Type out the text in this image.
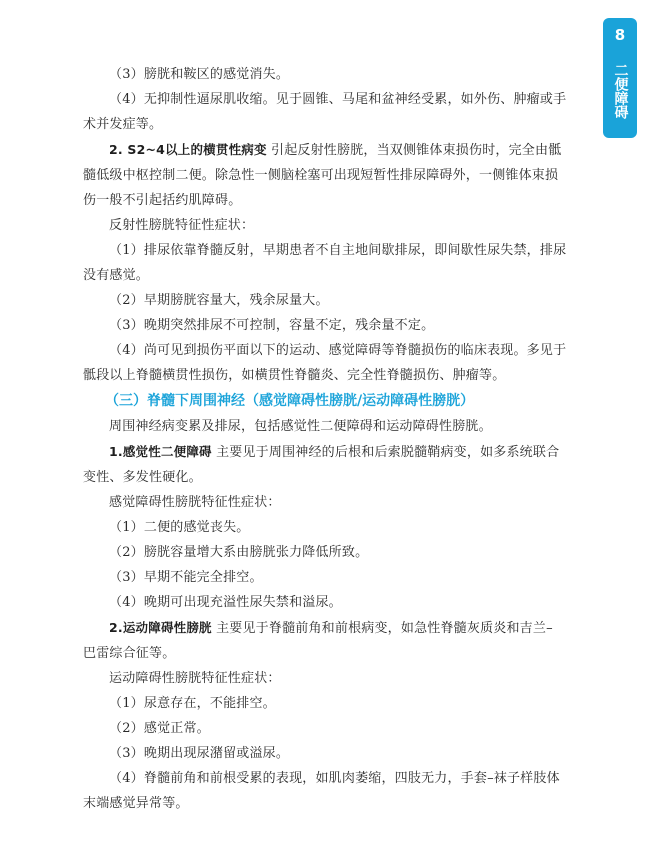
8
二便障碍
（3）膀胱和鞍区的感觉消失。
（4）无抑制性逼尿肌收缩。见于圆锥、马尾和盆神经受累，如外伤、肿瘤或手
术并发症等。
2. S2~4以上的横贯性病变 引起反射性膀胱，当双侧锥体束损伤时，完全由骶
髓低级中枢控制二便。除急性一侧脑栓塞可出现短暂性排尿障碍外，一侧锥体束损
伤一般不引起括约肌障碍。
反射性膀胱特征性症状：
（1）排尿依靠脊髓反射，早期患者不自主地间歇排尿，即间歇性尿失禁，排尿
没有感觉。
（2）早期膀胱容量大，残余尿量大。
（3）晚期突然排尿不可控制，容量不定，残余量不定。
（4）尚可见到损伤平面以下的运动、感觉障碍等脊髓损伤的临床表现。多见于
骶段以上脊髓横贯性损伤，如横贯性脊髓炎、完全性脊髓损伤、肿瘤等。
（三）脊髓下周围神经（感觉障碍性膀胱/运动障碍性膀胱）
周围神经病变累及排尿，包括感觉性二便障碍和运动障碍性膀胱。
1.感觉性二便障碍 主要见于周围神经的后根和后索脱髓鞘病变，如多系统联合
变性、多发性硬化。
感觉障碍性膀胱特征性症状：
（1）二便的感觉丧失。
（2）膀胱容量增大系由膀胱张力降低所致。
（3）早期不能完全排空。
（4）晚期可出现充溢性尿失禁和溢尿。
2.运动障碍性膀胱 主要见于脊髓前角和前根病变，如急性脊髓灰质炎和吉兰–
巴雷综合征等。
运动障碍性膀胱特征性症状：
（1）尿意存在，不能排空。
（2）感觉正常。
（3）晚期出现尿潴留或溢尿。
（4）脊髓前角和前根受累的表现，如肌肉萎缩，四肢无力，手套–袜子样肢体
末端感觉异常等。
